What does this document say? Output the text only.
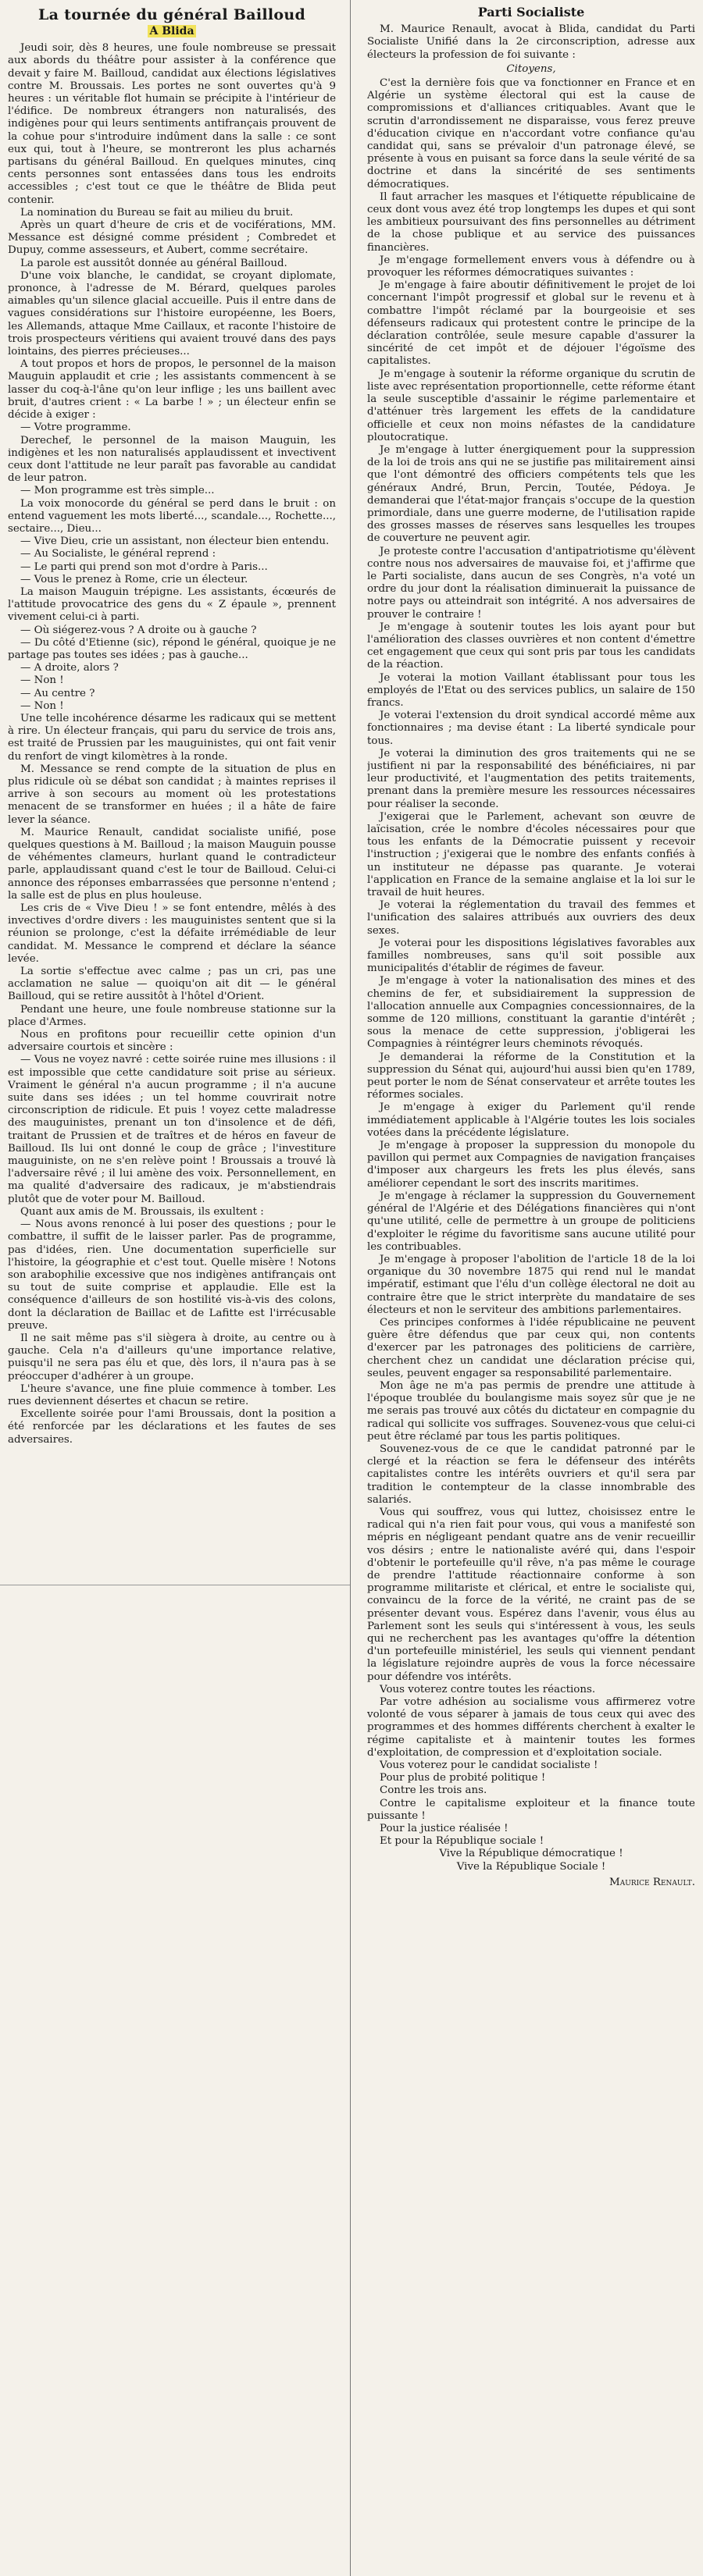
La tournée du général Bailloud
A Blida

Jeudi soir, dès 8 heures, une foule nombreuse se pressait aux abords du théâtre pour assister à la conférence que devait y faire M. Bailloud, candidat aux élections législatives contre M. Broussais. Les portes ne sont ouvertes qu'à 9 heures : un véritable flot humain se précipite à l'intérieur de l'édifice. De nombreux étrangers non naturalisés, des indigènes pour qui leurs sentiments antifrançais prouvent de la cohue pour s'introduire indûment dans la salle : ce sont eux qui, tout à l'heure, se montreront les plus acharnés partisans du général Bailloud. En quelques minutes, cinq cents personnes sont entassées dans tous les endroits accessibles ; c'est tout ce que le théâtre de Blida peut contenir.

La nomination du Bureau se fait au milieu du bruit.

Après un quart d'heure de cris et de vociférations, MM. Messance est désigné comme président ; Combredet et Dupuy, comme assesseurs, et Aubert, comme secrétaire.

La parole est aussitôt donnée au général Bailloud.

D'une voix blanche, le candidat, se croyant diplomate, prononce, à l'adresse de M. Bérard, quelques paroles aimables qu'un silence glacial accueille. Puis il entre dans de vagues considérations sur l'histoire européenne, les Boers, les Allemands, attaque Mme Caillaux, et raconte l'histoire de trois prospecteurs véritiens qui avaient trouvé dans des pays lointains, des pierres précieuses...

A tout propos et hors de propos, le personnel de la maison Mauguin applaudit et crie ; les assistants commencent à se lasser du coq-à-l'âne qu'on leur inflige ; les uns baillent avec bruit, d'autres crient : « La barbe ! » ; un électeur enfin se décide à exiger :

— Votre programme.

Derechef, le personnel de la maison Mauguin, les indigènes et les non naturalisés applaudissent et invectivent ceux dont l'attitude ne leur paraît pas favorable au candidat de leur patron.

— Mon programme est très simple...

La voix monocorde du général se perd dans le bruit : on entend vaguement les mots liberté..., scandale..., Rochette..., sectaire..., Dieu...

— Vive Dieu, crie un assistant, non électeur bien entendu.

— Au Socialiste, le général reprend :

— Le parti qui prend son mot d'ordre à Paris...

— Vous le prenez à Rome, crie un électeur.

La maison Mauguin trépigne. Les assistants, écœurés de l'attitude provocatrice des gens du « Z épaule », prennent vivement celui-ci à parti.

— Où siégerez-vous ? A droite ou à gauche ?

— Du côté d'Etienne (sic), répond le général, quoique je ne partage pas toutes ses idées ; pas à gauche...

— A droite, alors ?

— Non !

— Au centre ?

— Non !

Une telle incohérence désarme les radicaux qui se mettent à rire. Un électeur français, qui paru du service de trois ans, est traité de Prussien par les mauguinistes, qui ont fait venir du renfort de vingt kilomètres à la ronde.

M. Messance se rend compte de la situation de plus en plus ridicule où se débat son candidat ; à maintes reprises il arrive à son secours au moment où les protestations menacent de se transformer en huées ; il a hâte de faire lever la séance.

M. Maurice Renault, candidat socialiste unifié, pose quelques questions à M. Bailloud ; la maison Mauguin pousse de véhémentes clameurs, hurlant quand le contradicteur parle, applaudissant quand c'est le tour de Bailloud. Celui-ci annonce des réponses embarrassées que personne n'entend ; la salle est de plus en plus houleuse.

Les cris de « Vive Dieu ! » se font entendre, mêlés à des invectives d'ordre divers : les mauguinistes sentent que si la réunion se prolonge, c'est la défaite irrémédiable de leur candidat. M. Messance le comprend et déclare la séance levée.

La sortie s'effectue avec calme ; pas un cri, pas une acclamation ne salue — quoiqu'on ait dit — le général Bailloud, qui se retire aussitôt à l'hôtel d'Orient.

Pendant une heure, une foule nombreuse stationne sur la place d'Armes.

Nous en profitons pour recueillir cette opinion d'un adversaire courtois et sincère :

— Vous ne voyez navré : cette soirée ruine mes illusions : il est impossible que cette candidature soit prise au sérieux. Vraiment le général n'a aucun programme ; il n'a aucune suite dans ses idées ; un tel homme couvrirait notre circonscription de ridicule. Et puis ! voyez cette maladresse des mauguinistes, prenant un ton d'insolence et de défi, traitant de Prussien et de traîtres et de héros en faveur de Bailloud. Ils lui ont donné le coup de grâce ; l'investiture mauguiniste, on ne s'en relève point ! Broussais a trouvé là l'adversaire rêvé ; il lui amène des voix. Personnellement, en ma qualité d'adversaire des radicaux, je m'abstiendrais plutôt que de voter pour M. Bailloud.

Quant aux amis de M. Broussais, ils exultent :

— Nous avons renoncé à lui poser des questions ; pour le combattre, il suffit de le laisser parler. Pas de programme, pas d'idées, rien. Une documentation superficielle sur l'histoire, la géographie et c'est tout. Quelle misère ! Notons son arabophilie excessive que nos indigènes antifrançais ont su tout de suite comprise et applaudie. Elle est la conséquence d'ailleurs de son hostilité vis-à-vis des colons, dont la déclaration de Baillac et de Lafitte est l'irrécusable preuve.

Il ne sait même pas s'il siègera à droite, au centre ou à gauche. Cela n'a d'ailleurs qu'une importance relative, puisqu'il ne sera pas élu et que, dès lors, il n'aura pas à se préoccuper d'adhérer à un groupe.

L'heure s'avance, une fine pluie commence à tomber. Les rues deviennent désertes et chacun se retire.

Excellente soirée pour l'ami Broussais, dont la position a été renforcée par les déclarations et les fautes de ses adversaires.

Parti Socialiste

M. Maurice Renault, avocat à Blida, candidat du Parti Socialiste Unifié dans la 2e circonscription, adresse aux électeurs la profession de foi suivante :

Citoyens,

C'est la dernière fois que va fonctionner en France et en Algérie un système électoral qui est la cause de compromissions et d'alliances critiquables. Avant que le scrutin d'arrondissement ne disparaisse, vous ferez preuve d'éducation civique en n'accordant votre confiance qu'au candidat qui, sans se prévaloir d'un patronage élevé, se présente à vous en puisant sa force dans la seule vérité de sa doctrine et dans la sincérité de ses sentiments démocratiques.

Il faut arracher les masques et l'étiquette républicaine de ceux dont vous avez été trop longtemps les dupes et qui sont les ambitieux poursuivant des fins personnelles au détriment de la chose publique et au service des puissances financières.

Je m'engage formellement envers vous à défendre ou à provoquer les réformes démocratiques suivantes :

Je m'engage à faire aboutir définitivement le projet de loi concernant l'impôt progressif et global sur le revenu et à combattre l'impôt réclamé par la bourgeoisie et ses défenseurs radicaux qui protestent contre le principe de la déclaration contrôlée, seule mesure capable d'assurer la sincérité de cet impôt et de déjouer l'égoïsme des capitalistes.

Je m'engage à soutenir la réforme organique du scrutin de liste avec représentation proportionnelle, cette réforme étant la seule susceptible d'assainir le régime parlementaire et d'atténuer très largement les effets de la candidature officielle et ceux non moins néfastes de la candidature ploutocratique.

Je m'engage à lutter énergiquement pour la suppression de la loi de trois ans qui ne se justifie pas militairement ainsi que l'ont démontré des officiers compétents tels que les généraux André, Brun, Percin, Toutée, Pédoya. Je demanderai que l'état-major français s'occupe de la question primordiale, dans une guerre moderne, de l'utilisation rapide des grosses masses de réserves sans lesquelles les troupes de couverture ne peuvent agir.

Je proteste contre l'accusation d'antipatriotisme qu'élèvent contre nous nos adversaires de mauvaise foi, et j'affirme que le Parti socialiste, dans aucun de ses Congrès, n'a voté un ordre du jour dont la réalisation diminuerait la puissance de notre pays ou atteindrait son intégrité. A nos adversaires de prouver le contraire !

Je m'engage à soutenir toutes les lois ayant pour but l'amélioration des classes ouvrières et non content d'émettre cet engagement que ceux qui sont pris par tous les candidats de la réaction.

Je voterai la motion Vaillant établissant pour tous les employés de l'Etat ou des services publics, un salaire de 150 francs.

Je voterai l'extension du droit syndical accordé même aux fonctionnaires ; ma devise étant : La liberté syndicale pour tous.

Je voterai la diminution des gros traitements qui ne se justifient ni par la responsabilité des bénéficiaires, ni par leur productivité, et l'augmentation des petits traitements, prenant dans la première mesure les ressources nécessaires pour réaliser la seconde.

J'exigerai que le Parlement, achevant son œuvre de laïcisation, crée le nombre d'écoles nécessaires pour que tous les enfants de la Démocratie puissent y recevoir l'instruction ; j'exigerai que le nombre des enfants confiés à un instituteur ne dépasse pas quarante. Je voterai l'application en France de la semaine anglaise et la loi sur le travail de huit heures.

Je voterai la réglementation du travail des femmes et l'unification des salaires attribués aux ouvriers des deux sexes.

Je voterai pour les dispositions législatives favorables aux familles nombreuses, sans qu'il soit possible aux municipalités d'établir de régimes de faveur.

Je m'engage à voter la nationalisation des mines et des chemins de fer, et subsidiairement la suppression de l'allocation annuelle aux Compagnies concessionnaires, de la somme de 120 millions, constituant la garantie d'intérêt ; sous la menace de cette suppression, j'obligerai les Compagnies à réintégrer leurs cheminots révoqués.

Je demanderai la réforme de la Constitution et la suppression du Sénat qui, aujourd'hui aussi bien qu'en 1789, peut porter le nom de Sénat conservateur et arrête toutes les réformes sociales.

Je m'engage à exiger du Parlement qu'il rende immédiatement applicable à l'Algérie toutes les lois sociales votées dans la précédente législature.

Je m'engage à proposer la suppression du monopole du pavillon qui permet aux Compagnies de navigation françaises d'imposer aux chargeurs les frets les plus élevés, sans améliorer cependant le sort des inscrits maritimes.

Je m'engage à réclamer la suppression du Gouvernement général de l'Algérie et des Délégations financières qui n'ont qu'une utilité, celle de permettre à un groupe de politiciens d'exploiter le régime du favoritisme sans aucune utilité pour les contribuables.

Je m'engage à proposer l'abolition de l'article 18 de la loi organique du 30 novembre 1875 qui rend nul le mandat impératif, estimant que l'élu d'un collège électoral ne doit au contraire être que le strict interprète du mandataire de ses électeurs et non le serviteur des ambitions parlementaires.

Ces principes conformes à l'idée républicaine ne peuvent guère être défendus que par ceux qui, non contents d'exercer par les patronages des politiciens de carrière, cherchent chez un candidat une déclaration précise qui, seules, peuvent engager sa responsabilité parlementaire.

Mon âge ne m'a pas permis de prendre une attitude à l'époque troublée du boulangisme mais soyez sûr que je ne me serais pas trouvé aux côtés du dictateur en compagnie du radical qui sollicite vos suffrages. Souvenez-vous que celui-ci peut être réclamé par tous les partis politiques.

Souvenez-vous de ce que le candidat patronné par le clergé et la réaction se fera le défenseur des intérêts capitalistes contre les intérêts ouvriers et qu'il sera par tradition le contempteur de la classe innombrable des salariés.

Vous qui souffrez, vous qui luttez, choisissez entre le radical qui n'a rien fait pour vous, qui vous a manifesté son mépris en négligeant pendant quatre ans de venir recueillir vos désirs ; entre le nationaliste avéré qui, dans l'espoir d'obtenir le portefeuille qu'il rêve, n'a pas même le courage de prendre l'attitude réactionnaire conforme à son programme militariste et clérical, et entre le socialiste qui, convaincu de la force de la vérité, ne craint pas de se présenter devant vous. Espérez dans l'avenir, vous élus au Parlement sont les seuls qui s'intéressent à vous, les seuls qui ne recherchent pas les avantages qu'offre la détention d'un portefeuille ministériel, les seuls qui viennent pendant la législature rejoindre auprès de vous la force nécessaire pour défendre vos intérêts.

Vous voterez contre toutes les réactions.

Par votre adhésion au socialisme vous affirmerez votre volonté de vous séparer à jamais de tous ceux qui avec des programmes et des hommes différents cherchent à exalter le régime capitaliste et à maintenir toutes les formes d'exploitation, de compression et d'exploitation sociale.

Vous voterez pour le candidat socialiste !

Pour plus de probité politique !

Contre les trois ans.

Contre le capitalisme exploiteur et la finance toute puissante !

Pour la justice réalisée !

Et pour la République sociale !

Vive la République démocratique !

Vive la République Sociale !

Maurice Renault.
